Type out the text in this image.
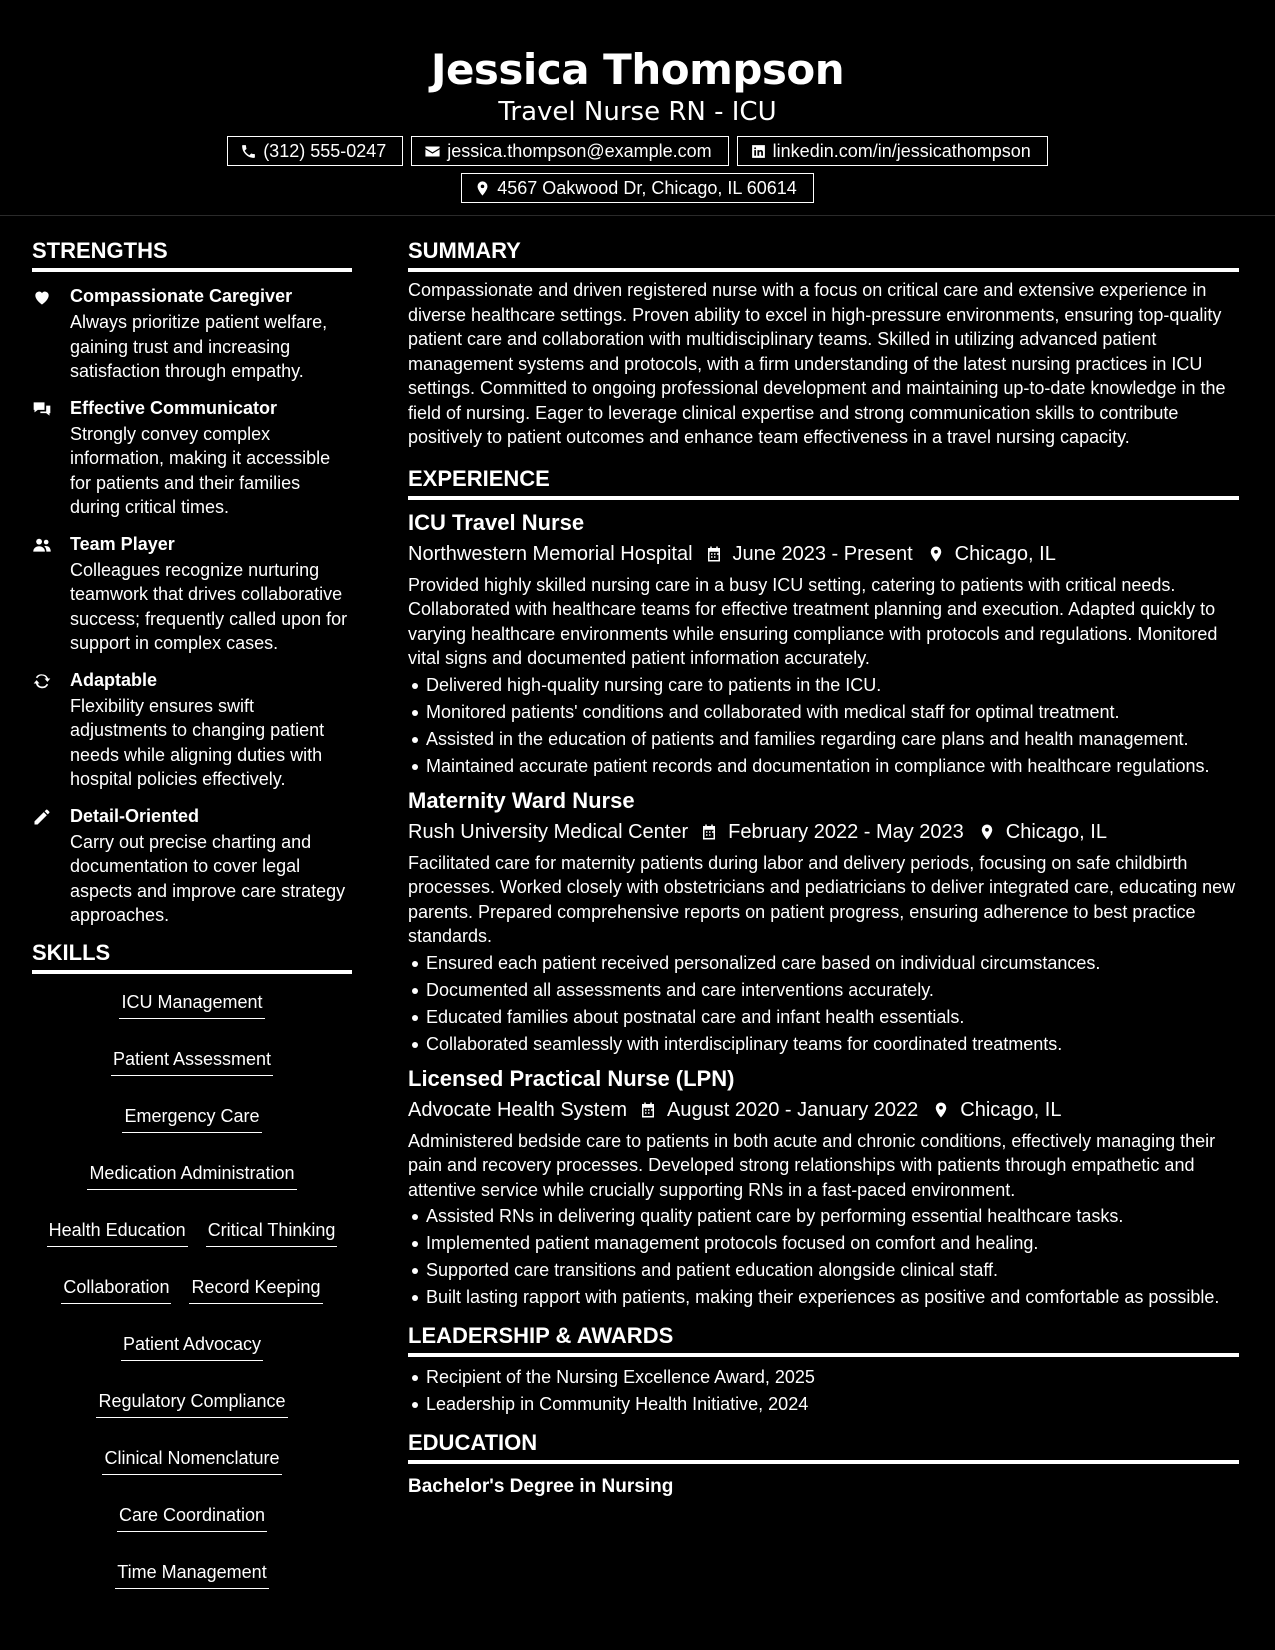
Jessica Thompson
Travel Nurse RN - ICU
(312) 555-0247	jessica.thompson@example.com	linkedin.com/in/jessicathompson
4567 Oakwood Dr, Chicago, IL 60614
STRENGTHS
Compassionate Caregiver
Always prioritize patient welfare, gaining trust and increasing satisfaction through empathy.
Effective Communicator
Strongly convey complex information, making it accessible for patients and their families during critical times.
Team Player
Colleagues recognize nurturing teamwork that drives collaborative success; frequently called upon for support in complex cases.
Adaptable
Flexibility ensures swift adjustments to changing patient needs while aligning duties with hospital policies effectively.
Detail-Oriented
Carry out precise charting and documentation to cover legal aspects and improve care strategy approaches.
SKILLS
ICU Management
Patient Assessment
Emergency Care
Medication Administration
Health Education Critical Thinking
Collaboration Record Keeping
Patient Advocacy
Regulatory Compliance
Clinical Nomenclature
Care Coordination
Time Management
SUMMARY

Compassionate and driven registered nurse with a focus on critical care and extensive experience in diverse healthcare settings. Proven ability to excel in high-pressure environments, ensuring top-quality patient care and collaboration with multidisciplinary teams. Skilled in utilizing advanced patient management systems and protocols, with a firm understanding of the latest nursing practices in ICU settings. Committed to ongoing professional development and maintaining up-to-date knowledge in the field of nursing. Eager to leverage clinical expertise and strong communication skills to contribute positively to patient outcomes and enhance team effectiveness in a travel nursing capacity.

EXPERIENCE
ICU Travel Nurse
Northwestern Memorial Hospital June 2023 - Present Chicago, IL

Provided highly skilled nursing care in a busy ICU setting, catering to patients with critical needs. Collaborated with healthcare teams for effective treatment planning and execution. Adapted quickly to varying healthcare environments while ensuring compliance with protocols and regulations. Monitored vital signs and documented patient information accurately.

Delivered high-quality nursing care to patients in the ICU.
Monitored patients' conditions and collaborated with medical staff for optimal treatment.
Assisted in the education of patients and families regarding care plans and health management.
Maintained accurate patient records and documentation in compliance with healthcare regulations.
Maternity Ward Nurse
Rush University Medical Center February 2022 - May 2023 Chicago, IL

Facilitated care for maternity patients during labor and delivery periods, focusing on safe childbirth processes. Worked closely with obstetricians and pediatricians to deliver integrated care, educating new parents. Prepared comprehensive reports on patient progress, ensuring adherence to best practice standards.

Ensured each patient received personalized care based on individual circumstances.
Documented all assessments and care interventions accurately.
Educated families about postnatal care and infant health essentials.
Collaborated seamlessly with interdisciplinary teams for coordinated treatments.
Licensed Practical Nurse (LPN)
Advocate Health System August 2020 - January 2022 Chicago, IL

Administered bedside care to patients in both acute and chronic conditions, effectively managing their pain and recovery processes. Developed strong relationships with patients through empathetic and attentive service while crucially supporting RNs in a fast-paced environment.

Assisted RNs in delivering quality patient care by performing essential healthcare tasks.
Implemented patient management protocols focused on comfort and healing.
Supported care transitions and patient education alongside clinical staff.
Built lasting rapport with patients, making their experiences as positive and comfortable as possible.
LEADERSHIP & AWARDS
Recipient of the Nursing Excellence Award, 2025
Leadership in Community Health Initiative, 2024
EDUCATION
Bachelor's Degree in Nursing
